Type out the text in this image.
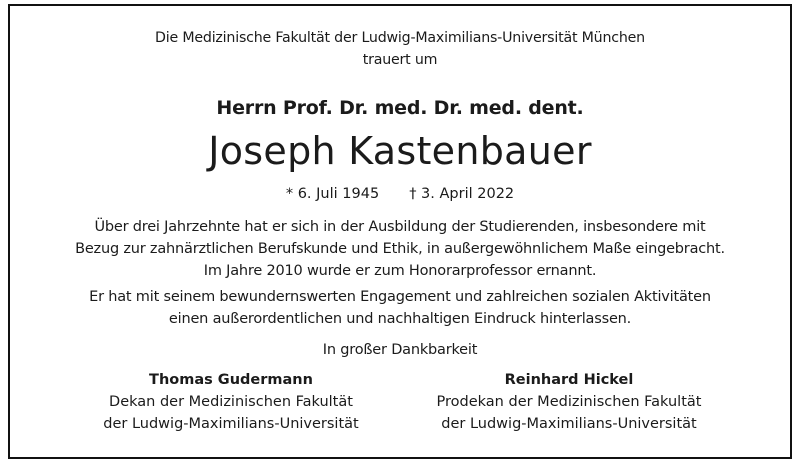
Die Medizinische Fakultät der Ludwig-Maximilians-Universität München
trauert um
Herrn Prof. Dr. med. Dr. med. dent.
Joseph Kastenbauer
* 6. Juli 1945 † 3. April 2022
Über drei Jahrzehnte hat er sich in der Ausbildung der Studierenden, insbesondere mit
Bezug zur zahnärztlichen Berufskunde und Ethik, in außergewöhnlichem Maße eingebracht.
Im Jahre 2010 wurde er zum Honorarprofessor ernannt.
Er hat mit seinem bewundernswerten Engagement und zahlreichen sozialen Aktivitäten
einen außerordentlichen und nachhaltigen Eindruck hinterlassen.
In großer Dankbarkeit
Thomas Gudermann
Dekan der Medizinischen Fakultät
der Ludwig-Maximilians-Universität
Reinhard Hickel
Prodekan der Medizinischen Fakultät
der Ludwig-Maximilians-Universität
